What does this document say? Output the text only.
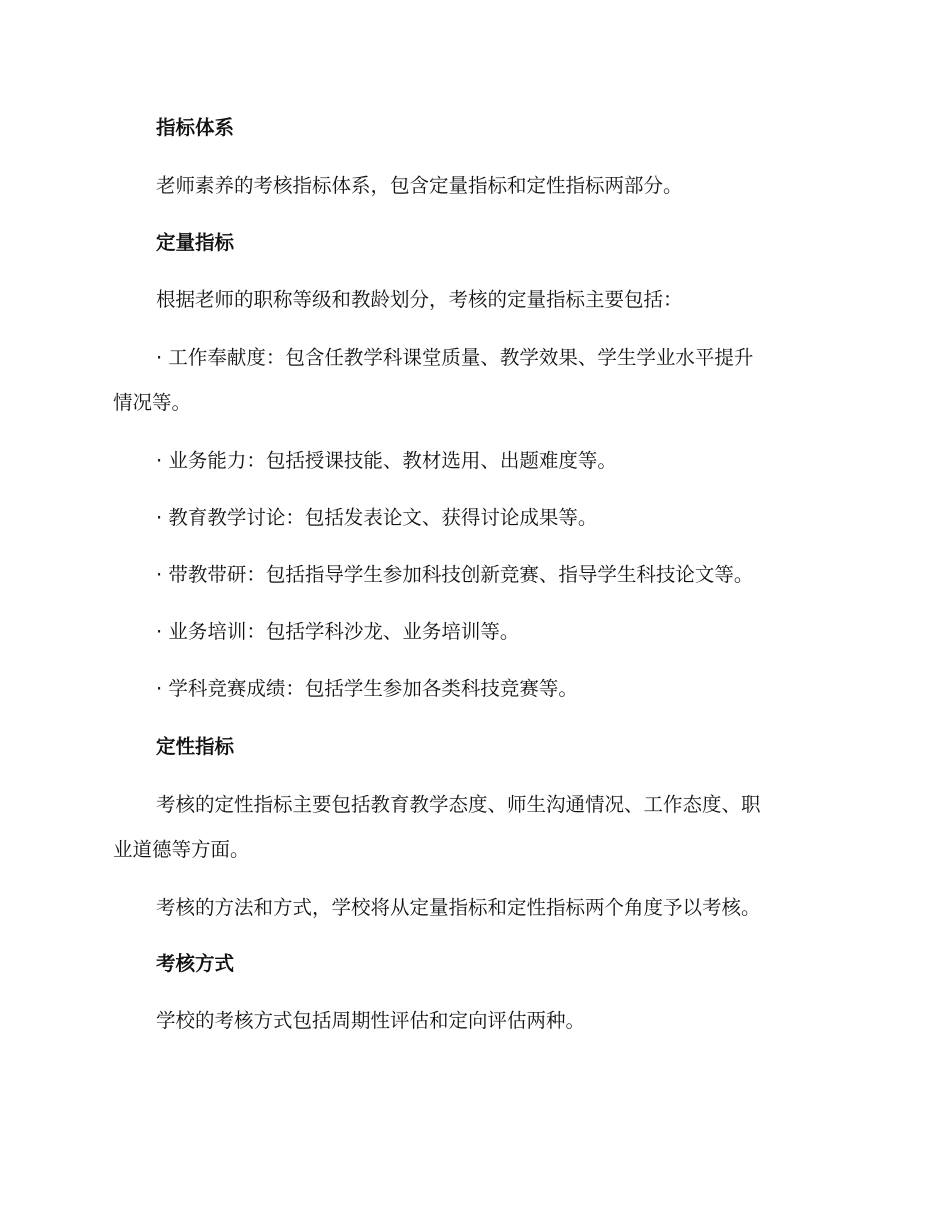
指标体系
老师素养的考核指标体系，包含定量指标和定性指标两部分。
定量指标
根据老师的职称等级和教龄划分，考核的定量指标主要包括：
· 工作奉献度：包含任教学科课堂质量、教学效果、学生学业水平提升
情况等。
· 业务能力：包括授课技能、教材选用、出题难度等。
· 教育教学讨论：包括发表论文、获得讨论成果等。
· 带教带研：包括指导学生参加科技创新竞赛、指导学生科技论文等。
· 业务培训：包括学科沙龙、业务培训等。
· 学科竞赛成绩：包括学生参加各类科技竞赛等。
定性指标
考核的定性指标主要包括教育教学态度、师生沟通情况、工作态度、职
业道德等方面。
考核的方法和方式，学校将从定量指标和定性指标两个角度予以考核。
考核方式
学校的考核方式包括周期性评估和定向评估两种。
